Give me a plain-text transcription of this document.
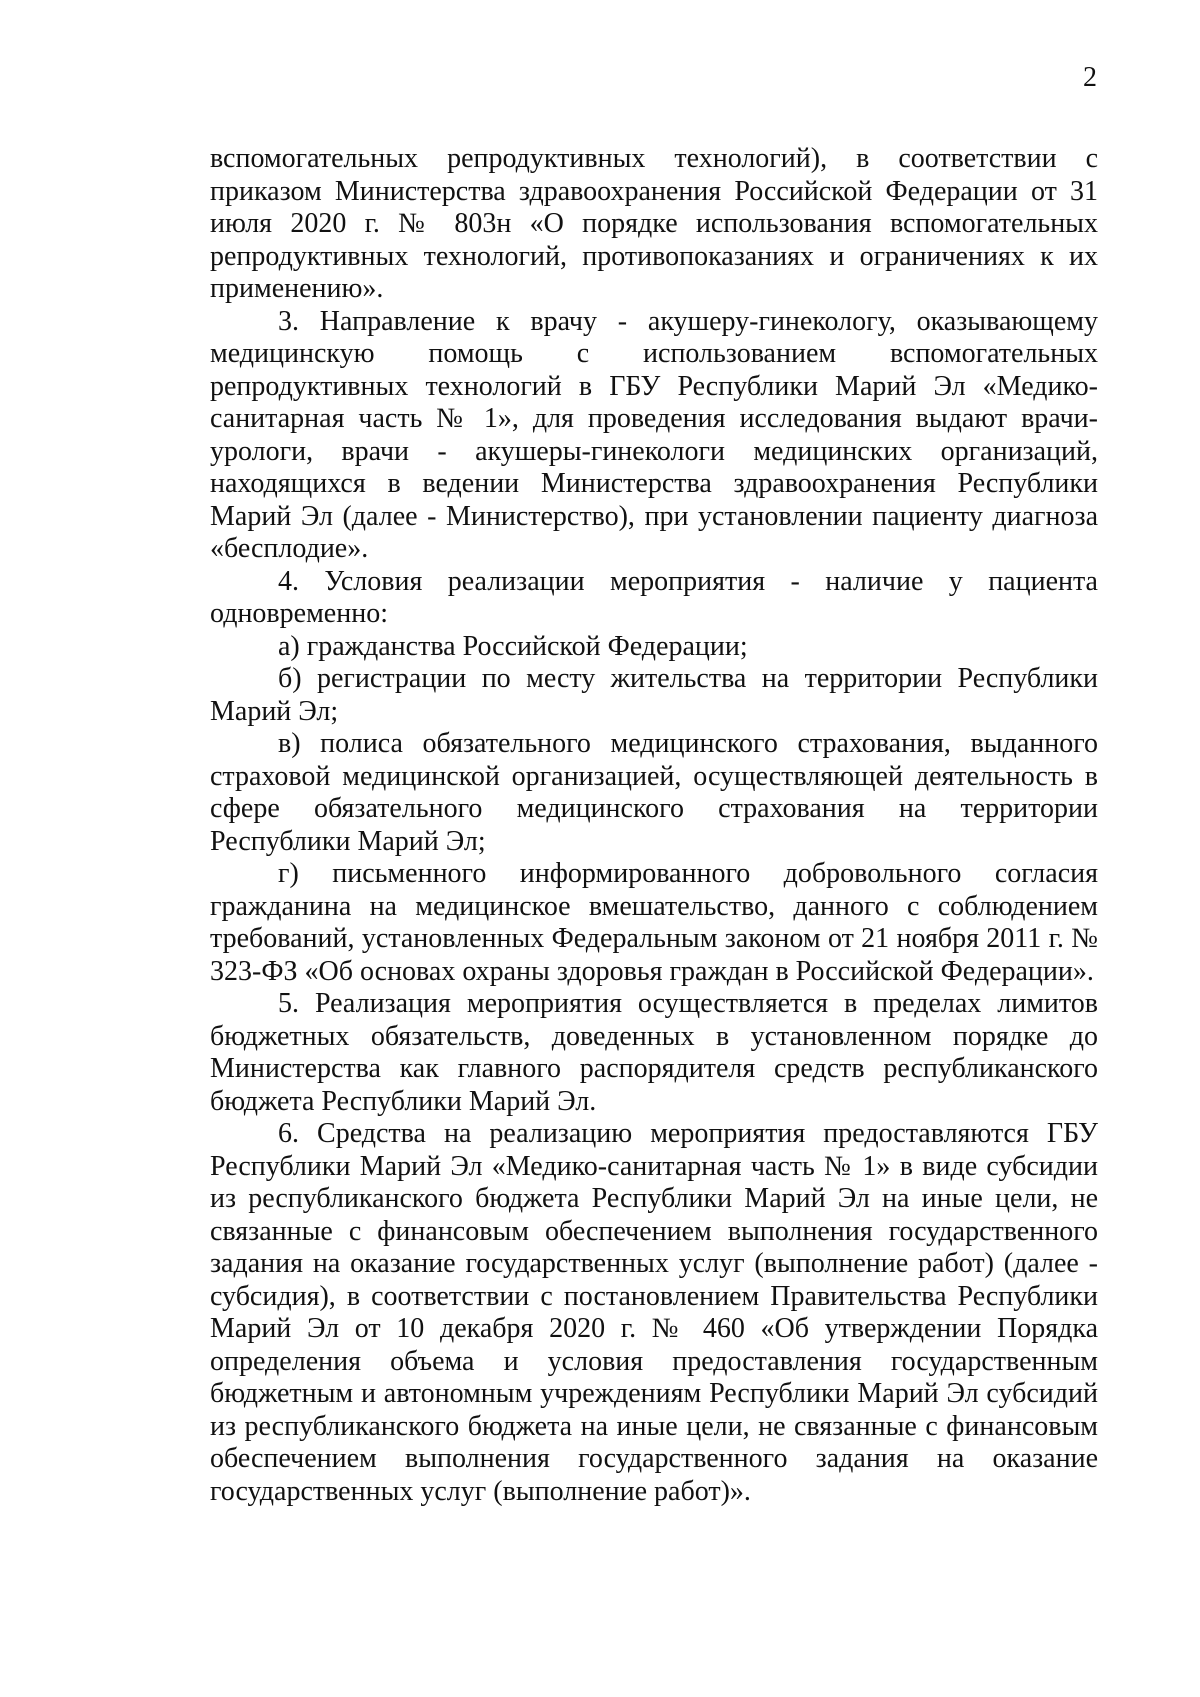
2

вспомогательных репродуктивных технологий), в соответствии с приказом Министерства здравоохранения Российской Федерации от 31 июля 2020 г. № 803н «О порядке использования вспомогательных репродуктивных технологий, противопоказаниях и ограничениях к их применению».

3. Направление к врачу - акушеру-гинекологу, оказывающему медицинскую помощь с использованием вспомогательных репродуктивных технологий в ГБУ Республики Марий Эл «Медико-санитарная часть № 1», для проведения исследования выдают врачи-урологи, врачи - акушеры-гинекологи медицинских организаций, находящихся в ведении Министерства здравоохранения Республики Марий Эл (далее - Министерство), при установлении пациенту диагноза «бесплодие».

4. Условия реализации мероприятия - наличие у пациента одновременно:

а) гражданства Российской Федерации;

б) регистрации по месту жительства на территории Республики Марий Эл;

в) полиса обязательного медицинского страхования, выданного страховой медицинской организацией, осуществляющей деятельность в сфере обязательного медицинского страхования на территории Республики Марий Эл;

г) письменного информированного добровольного согласия гражданина на медицинское вмешательство, данного с соблюдением требований, установленных Федеральным законом от 21 ноября 2011 г. № 323-ФЗ «Об основах охраны здоровья граждан в Российской Федерации».

5. Реализация мероприятия осуществляется в пределах лимитов бюджетных обязательств, доведенных в установленном порядке до Министерства как главного распорядителя средств республиканского бюджета Республики Марий Эл.

6. Средства на реализацию мероприятия предоставляются ГБУ Республики Марий Эл «Медико-санитарная часть № 1» в виде субсидии из республиканского бюджета Республики Марий Эл на иные цели, не связанные с финансовым обеспечением выполнения государственного задания на оказание государственных услуг (выполнение работ) (далее - субсидия), в соответствии с постановлением Правительства Республики Марий Эл от 10 декабря 2020 г. № 460 «Об утверждении Порядка определения объема и условия предоставления государственным бюджетным и автономным учреждениям Республики Марий Эл субсидий из республиканского бюджета на иные цели, не связанные с финансовым обеспечением выполнения государственного задания на оказание государственных услуг (выполнение работ)».
